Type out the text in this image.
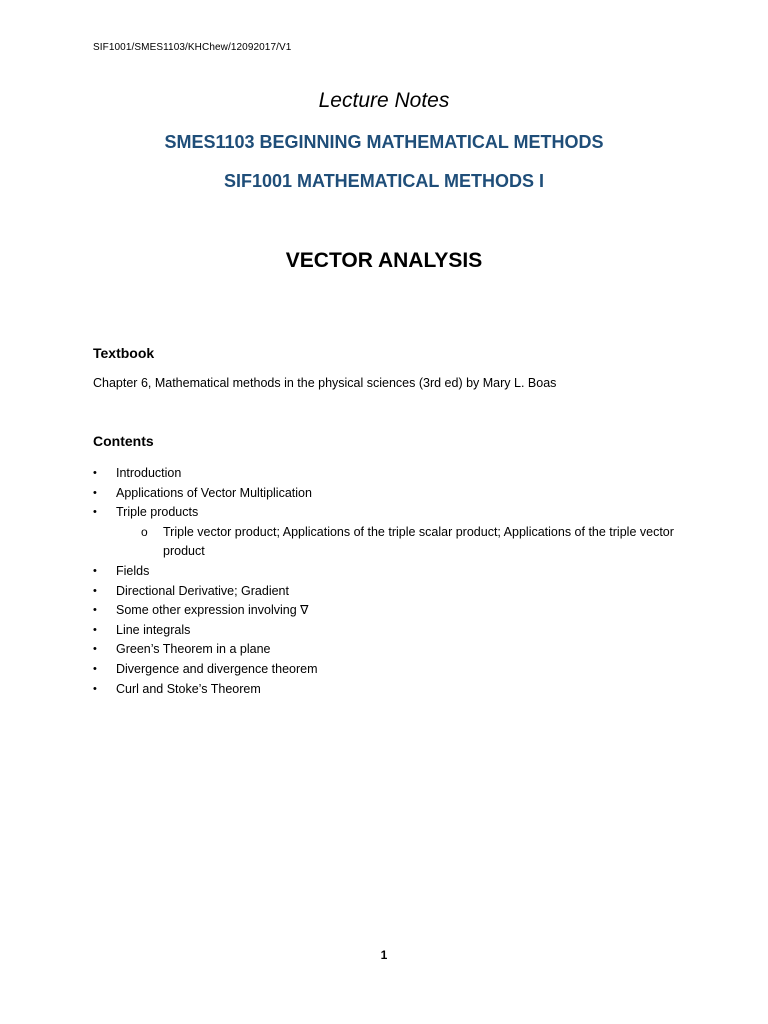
SIF1001/SMES1103/KHChew/12092017/V1
Lecture Notes
SMES1103 BEGINNING MATHEMATICAL METHODS
SIF1001 MATHEMATICAL METHODS I
VECTOR ANALYSIS
Textbook
Chapter 6, Mathematical methods in the physical sciences (3rd ed) by Mary L. Boas
Contents
• Introduction
• Applications of Vector Multiplication
• Triple products
o Triple vector product; Applications of the triple scalar product; Applications of the triple vector product
• Fields
• Directional Derivative; Gradient
• Some other expression involving ∇
• Line integrals
• Green’s Theorem in a plane
• Divergence and divergence theorem
• Curl and Stoke’s Theorem
1
